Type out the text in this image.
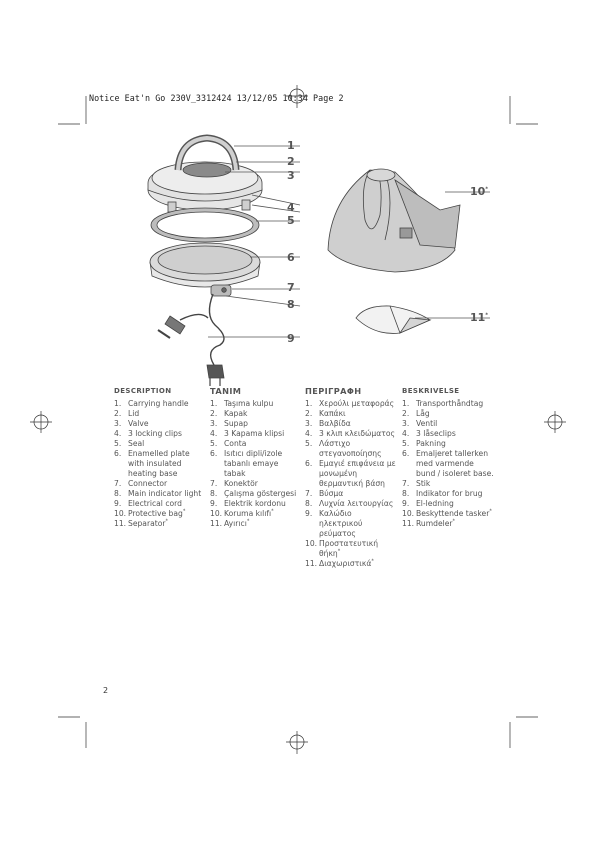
Notice Eat'n Go 230V_3312424 13/12/05 10:34 Page 2
1
2
3
4
5
6
7
8
9
10*
11*
DESCRIPTION
1. Carrying handle
2. Lid
3. Valve
4. 3 locking clips
5. Seal
6. Enamelled plate with insulated heating base
7. Connector
8. Main indicator light
9. Electrical cord
10. Protective bag*
11. Separator*
TANIM
1. Taşıma kulpu
2. Kapak
3. Supap
4. 3 Kapama klipsi
5. Conta
6. Isıtıcı dipli/izole tabanlı emaye tabak
7. Konektör
8. Çalışma göstergesi
9. Elektrik kordonu
10. Koruma kılıfı*
11. Ayırıcı*
ΠΕΡΙΓΡΑΦΗ
1. Χερούλι μεταφοράς
2. Καπάκι
3. Βαλβίδα
4. 3 κλιπ κλειδώματος
5. Λάστιχο στεγανοποίησης
6. Εμαγιέ επιφάνεια με μονωμένη θερμαντική βάση
7. Βύσμα
8. Λυχνία λειτουργίας
9. Καλώδιο ηλεκτρικού ρεύματος
10. Προστατευτική θήκη*
11. Διαχωριστικά*
BESKRIVELSE
1. Transporthåndtag
2. Låg
3. Ventil
4. 3 låseclips
5. Pakning
6. Emaljeret tallerken med varmende bund / isoleret base.
7. Stik
8. Indikator for brug
9. El-ledning
10. Beskyttende tasker*
11. Rumdeler*
2
